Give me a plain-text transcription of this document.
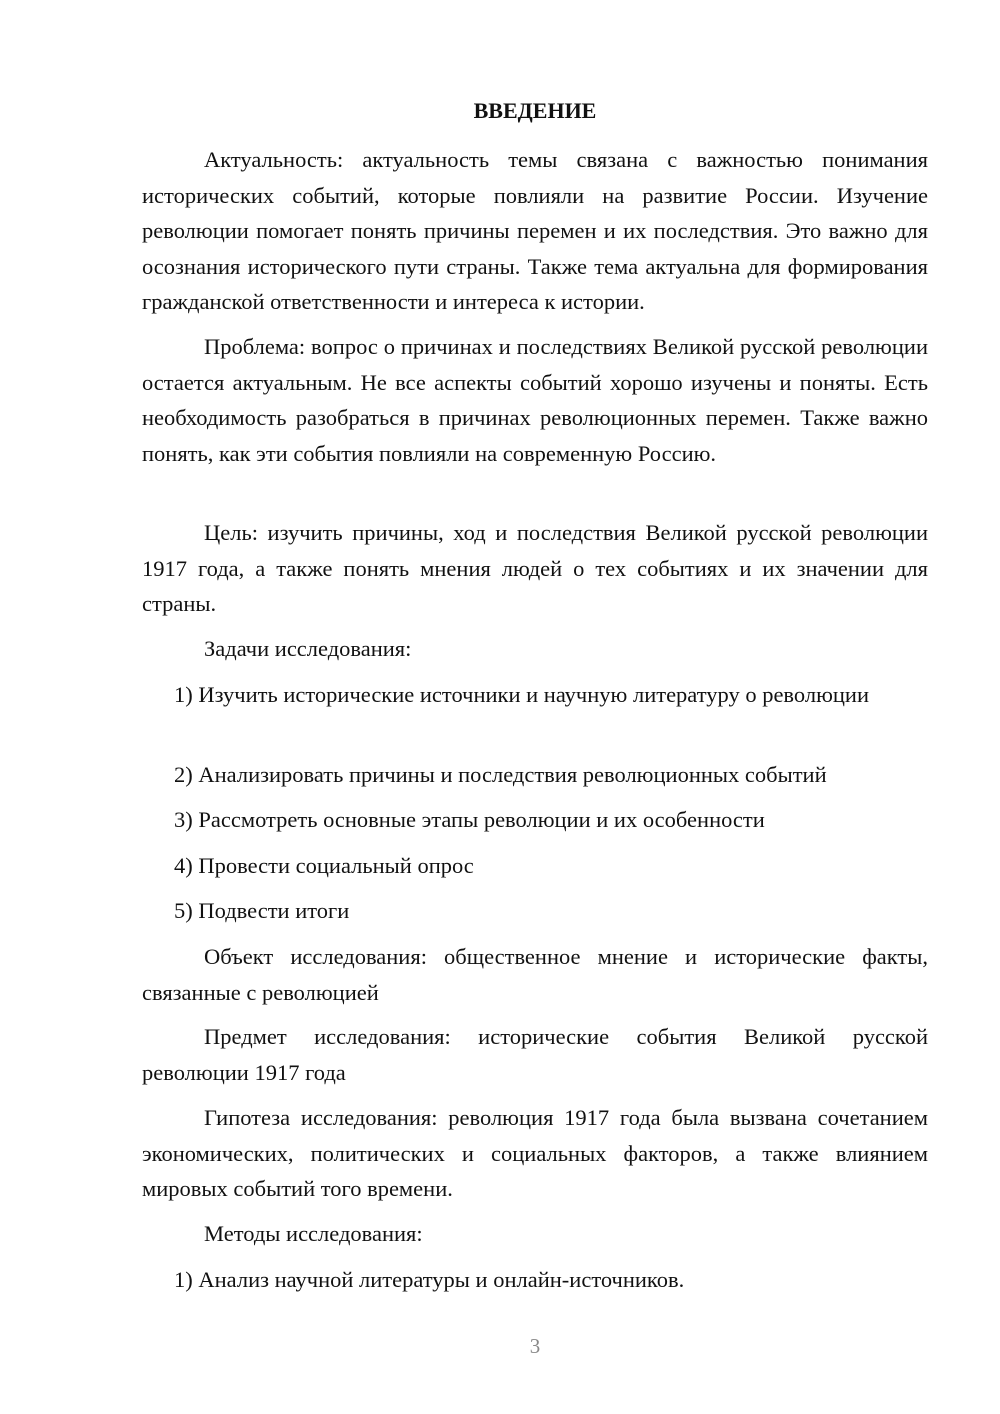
ВВЕДЕНИЕ

Актуальность: актуальность темы связана с важностью понимания исторических событий, которые повлияли на развитие России. Изучение революции помогает понять причины перемен и их последствия. Это важно для осознания исторического пути страны. Также тема актуальна для формирования гражданской ответственности и интереса к истории.

Проблема: вопрос о причинах и последствиях Великой русской революции остается актуальным. Не все аспекты событий хорошо изучены и поняты. Есть необходимость разобраться в причинах революционных перемен. Также важно понять, как эти события повлияли на современную Россию.

Цель: изучить причины, ход и последствия Великой русской революции 1917 года, а также понять мнения людей о тех событиях и их значении для страны.

Задачи исследования:

1) Изучить исторические источники и научную литературу о революции

2) Анализировать причины и последствия революционных событий

3) Рассмотреть основные этапы революции и их особенности

4) Провести социальный опрос

5) Подвести итоги

Объект исследования: общественное мнение и исторические факты, связанные с революцией

Предмет исследования: исторические события Великой русской революции 1917 года

Гипотеза исследования: революция 1917 года была вызвана сочетанием экономических, политических и социальных факторов, а также влиянием мировых событий того времени.

Методы исследования:

1) Анализ научной литературы и онлайн-источников.

3
